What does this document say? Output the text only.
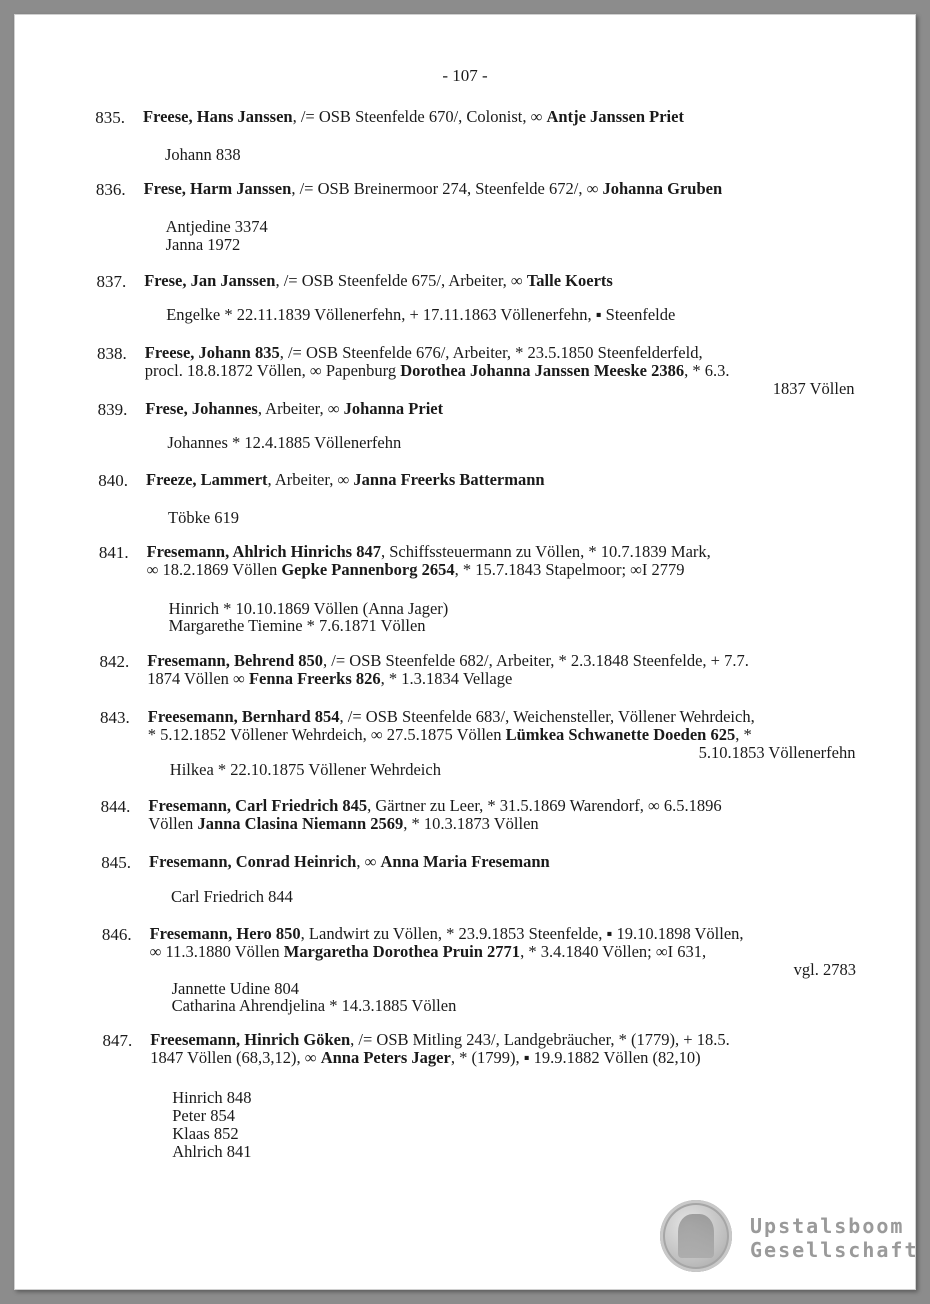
- 107 -
835. Freese, Hans Janssen, /= OSB Steenfelde 670/, Colonist, ∞ Antje Janssen Priet
Johann 838
836. Frese, Harm Janssen, /= OSB Breinermoor 274, Steenfelde 672/, ∞ Johanna Gruben
Antjedine 3374
Janna 1972
837. Frese, Jan Janssen, /= OSB Steenfelde 675/, Arbeiter, ∞ Talle Koerts
Engelke * 22.11.1839 Völlenerfehn, + 17.11.1863 Völlenerfehn, ▪ Steenfelde
838. Freese, Johann 835, /= OSB Steenfelde 676/, Arbeiter, * 23.5.1850 Steenfelderfeld,
procl. 18.8.1872 Völlen, ∞ Papenburg Dorothea Johanna Janssen Meeske 2386, * 6.3.
1837 Völlen
839. Frese, Johannes, Arbeiter, ∞ Johanna Priet
Johannes * 12.4.1885 Völlenerfehn
840. Freeze, Lammert, Arbeiter, ∞ Janna Freerks Battermann
Töbke 619
841. Fresemann, Ahlrich Hinrichs 847, Schiffssteuermann zu Völlen, * 10.7.1839 Mark,
∞ 18.2.1869 Völlen Gepke Pannenborg 2654, * 15.7.1843 Stapelmoor; ∞I 2779
Hinrich * 10.10.1869 Völlen (Anna Jager)
Margarethe Tiemine * 7.6.1871 Völlen
842. Fresemann, Behrend 850, /= OSB Steenfelde 682/, Arbeiter, * 2.3.1848 Steenfelde, + 7.7.
1874 Völlen ∞ Fenna Freerks 826, * 1.3.1834 Vellage
843. Freesemann, Bernhard 854, /= OSB Steenfelde 683/, Weichensteller, Völlener Wehrdeich,
* 5.12.1852 Völlener Wehrdeich, ∞ 27.5.1875 Völlen Lümkea Schwanette Doeden 625, *
5.10.1853 Völlenerfehn
Hilkea * 22.10.1875 Völlener Wehrdeich
844. Fresemann, Carl Friedrich 845, Gärtner zu Leer, * 31.5.1869 Warendorf, ∞ 6.5.1896
Völlen Janna Clasina Niemann 2569, * 10.3.1873 Völlen
845. Fresemann, Conrad Heinrich, ∞ Anna Maria Fresemann
Carl Friedrich 844
846. Fresemann, Hero 850, Landwirt zu Völlen, * 23.9.1853 Steenfelde, ▪ 19.10.1898 Völlen,
∞ 11.3.1880 Völlen Margaretha Dorothea Pruin 2771, * 3.4.1840 Völlen; ∞I 631,
vgl. 2783
Jannette Udine 804
Catharina Ahrendjelina * 14.3.1885 Völlen
847. Freesemann, Hinrich Göken, /= OSB Mitling 243/, Landgebräucher, * (1779), + 18.5.
1847 Völlen (68,3,12), ∞ Anna Peters Jager, * (1799), ▪ 19.9.1882 Völlen (82,10)
Hinrich 848
Peter 854
Klaas 852
Ahlrich 841
Upstalsboom
Gesellschaft
